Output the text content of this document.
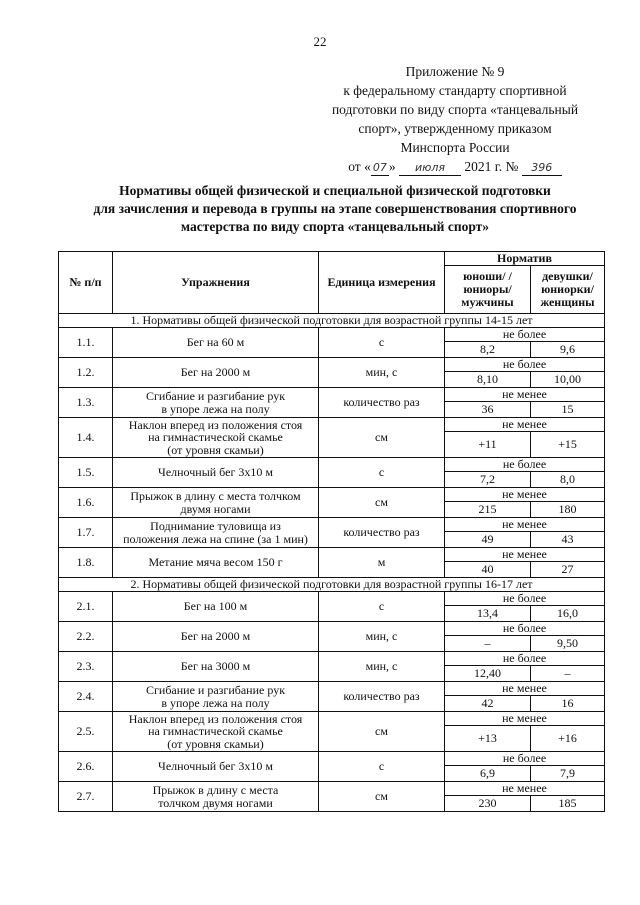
22
Приложение № 9
к федеральному стандарту спортивной
подготовки по виду спорта «танцевальный
спорт», утвержденному приказом
Минспорта России
от « 07 » июля 2021 г. № 396
Нормативы общей физической и специальной физической подготовки
для зачисления и перевода в группы на этапе совершенствования спортивного
мастерства по виду спорта «танцевальный спорт»
№ п/п	Упражнения	Единица измерения	Норматив	
			юноши/ /юниоры/ мужчины	девушки/ юниорки/ женщины
1. Нормативы общей физической подготовки для возрастной группы 14-15 лет				
1.1.	Бег на 60 м	с	не более	
			8,2	9,6
1.2.	Бег на 2000 м	мин, с	не более	
			8,10	10,00
1.3.	Сгибание и разгибание рук
в упоре лежа на полу	количество раз	не менее	
			36	15
1.4.	Наклон вперед из положения стоя
на гимнастической скамье
(от уровня скамьи)	см	не менее	
			+11	+15
1.5.	Челночный бег 3х10 м	с	не более	
			7,2	8,0
1.6.	Прыжок в длину с места толчком
двумя ногами	см	не менее	
			215	180
1.7.	Поднимание туловища из
положения лежа на спине (за 1 мин)	количество раз	не менее	
			49	43
1.8.	Метание мяча весом 150 г	м	не менее	
			40	27
2. Нормативы общей физической подготовки для возрастной группы 16-17 лет				
2.1.	Бег на 100 м	с	не более	
			13,4	16,0
2.2.	Бег на 2000 м	мин, с	не более	
			–	9,50
2.3.	Бег на 3000 м	мин, с	не более	
			12,40	–
2.4.	Сгибание и разгибание рук
в упоре лежа на полу	количество раз	не менее	
			42	16
2.5.	Наклон вперед из положения стоя
на гимнастической скамье
(от уровня скамьи)	см	не менее	
			+13	+16
2.6.	Челночный бег 3х10 м	с	не более	
			6,9	7,9
2.7.	Прыжок в длину с места
толчком двумя ногами	см	не менее	
			230	185
